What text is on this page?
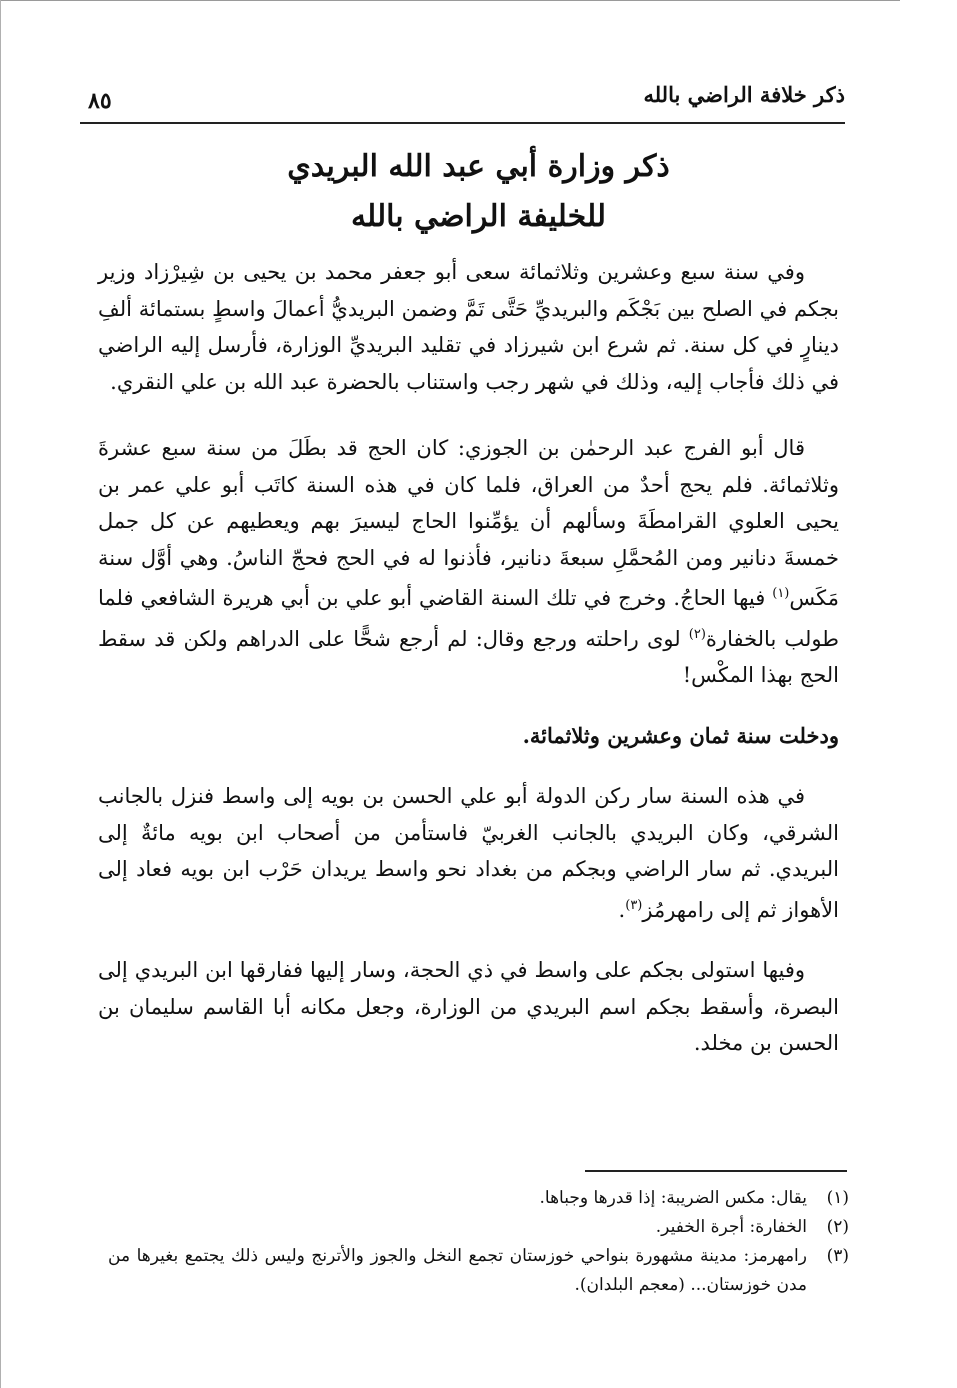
ذكر خلافة الراضي بالله
٨٥
ذكر وزارة أبي عبد الله البريدي
للخليفة الراضي بالله

وفي سنة سبع وعشرين وثلاثمائة سعى أبو جعفر محمد بن يحيى بن شِيرْزاد وزير بجكم في الصلح بين بَجْكَم والبريديِّ حَتَّى تَمَّ وضمن البريديُّ أعمالَ واسطٍ بستمائة ألفِ دينارٍ في كل سنة. ثم شرع ابن شيرزاد في تقليد البريديِّ الوزارة، فأرسل إليه الراضي في ذلك فأجاب إليه، وذلك في شهر رجب واستناب بالحضرة عبد الله بن علي النقري.

قال أبو الفرج عبد الرحمٰن بن الجوزي: كان الحج قد بطَلَ من سنة سبع عشرةَ وثلاثمائة. فلم يحج أحدٌ من العراق، فلما كان في هذه السنة كاتَب أبو علي عمر بن يحيى العلوي القرامطَةَ وسألهم أن يؤمِّنوا الحاج ليسيرَ بهم ويعطيهم عن كل جمل خمسةَ دنانير ومن المُحمَّلِ سبعةَ دنانير، فأذنوا له في الحج فحجّ الناسُ. وهي أوَّل سنة مَكَس$^{(١)}$ فيها الحاجُ. وخرج في تلك السنة القاضي أبو علي بن أبي هريرة الشافعي فلما طولب بالخفارة$^{(٢)}$ لوى راحلته ورجع وقال: لم أرجع شحًّا على الدراهم ولكن قد سقط الحج بهذا المكْس!

ودخلت سنة ثمان وعشرين وثلاثمائة.

في هذه السنة سار ركن الدولة أبو علي الحسن بن بويه إلى واسط فنزل بالجانب الشرقي، وكان البريدي بالجانب الغربيّ فاستأمن من أصحاب ابن بويه مائةٌ إلى البريدي. ثم سار الراضي وبجكم من بغداد نحو واسط يريدان حَرْب ابن بويه فعاد إلى الأهواز ثم إلى رامهرمُز$^{(٣)}$.

وفيها استولى بجكم على واسط في ذي الحجة، وسار إليها ففارقها ابن البريدي إلى البصرة، وأسقط بجكم اسم البريدي من الوزارة، وجعل مكانه أبا القاسم سليمان بن الحسن بن مخلد.

(١)
يقال: مكس الضريبة: إذا قدرها وجباها.
(٢)
الخفارة: أجرة الخفير.
(٣)
رامهرمز: مدينة مشهورة بنواحي خوزستان تجمع النخل والجوز والأترنج وليس ذلك يجتمع بغيرها من مدن خوزستان... (معجم البلدان).
